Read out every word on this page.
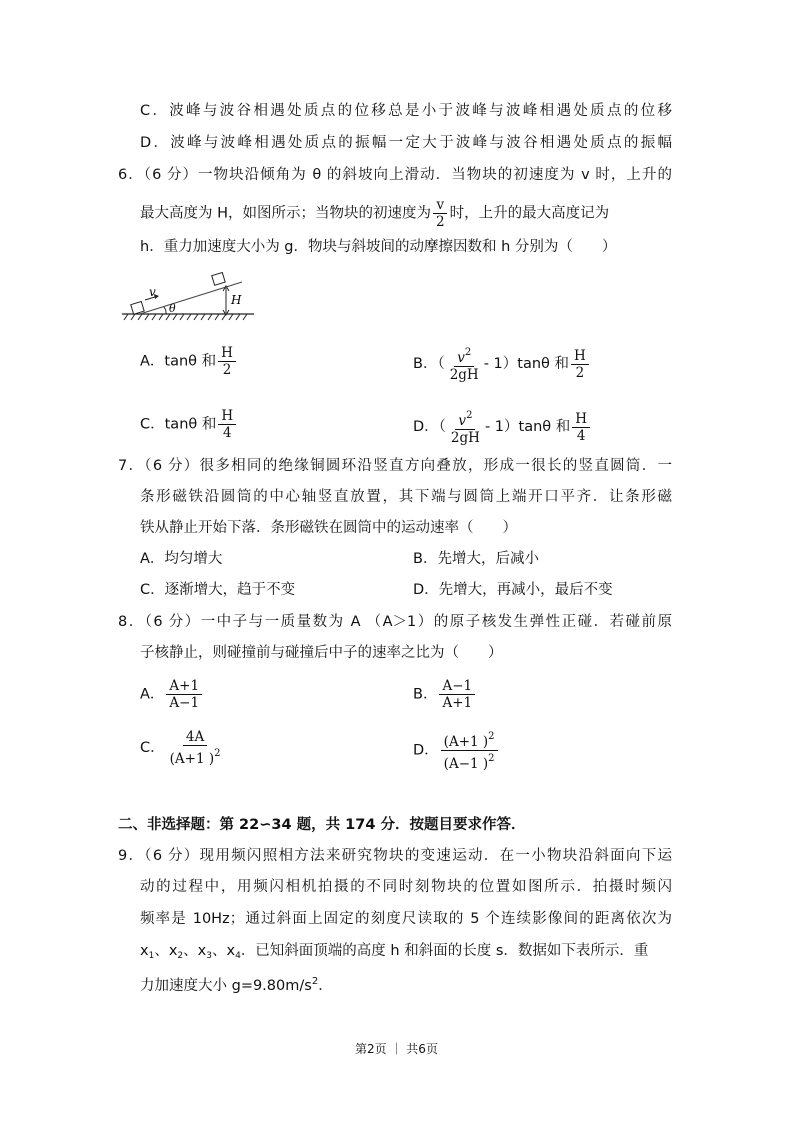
C．波峰与波谷相遇处质点的位移总是小于波峰与波峰相遇处质点的位移
D．波峰与波峰相遇处质点的振幅一定大于波峰与波谷相遇处质点的振幅
6．（6 分）一物块沿倾角为 θ 的斜坡向上滑动．当物块的初速度为 v 时，上升的
最大高度为 H，如图所示；当物块的初速度为 $\frac{v}{2}$ 时，上升的最大高度记为
h．重力加速度大小为 g．物块与斜坡间的动摩擦因数和 h 分别为（　　）
v
θ
H
A．tanθ 和 $\frac{H}{2}$	B．（ $\frac{v^2}{2gH} - 1)\tan\theta$ 和 $\frac{H}{2}$
C．tanθ 和 $\frac{H}{4}$	D．（ $\frac{v^2}{2gH} - 1)\tan\theta$ 和 $\frac{H}{4}$
7．（6 分）很多相同的绝缘铜圆环沿竖直方向叠放，形成一很长的竖直圆筒．一
条形磁铁沿圆筒的中心轴竖直放置，其下端与圆筒上端开口平齐．让条形磁
铁从静止开始下落．条形磁铁在圆筒中的运动速率（　　）
A．均匀增大	B．先增大，后减小
C．逐渐增大，趋于不变	D．先增大，再减小，最后不变
8．（6 分）一中子与一质量数为 A （A＞1）的原子核发生弹性正碰．若碰前原
子核静止，则碰撞前与碰撞后中子的速率之比为（　　）
A． $\frac{A+1}{A-1}$	B． $\frac{A-1}{A+1}$
C． $\frac{4A}{(A+1 )^2}$	D． $\frac{(A+1 )^2}{(A-1 )^2}$
二、非选择题：第 22∽34 题，共 174 分．按题目要求作答．
9．（6 分）现用频闪照相方法来研究物块的变速运动．在一小物块沿斜面向下运
动的过程中，用频闪相机拍摄的不同时刻物块的位置如图所示．拍摄时频闪
频率是 10Hz；通过斜面上固定的刻度尺读取的 5 个连续影像间的距离依次为
$x_1$、$x_2$、$x_3$、$x_4$．已知斜面顶端的高度 h 和斜面的长度 s．数据如下表所示．重
力加速度大小 $g=9.80m/s^2$．
第2页 ｜ 共6页
